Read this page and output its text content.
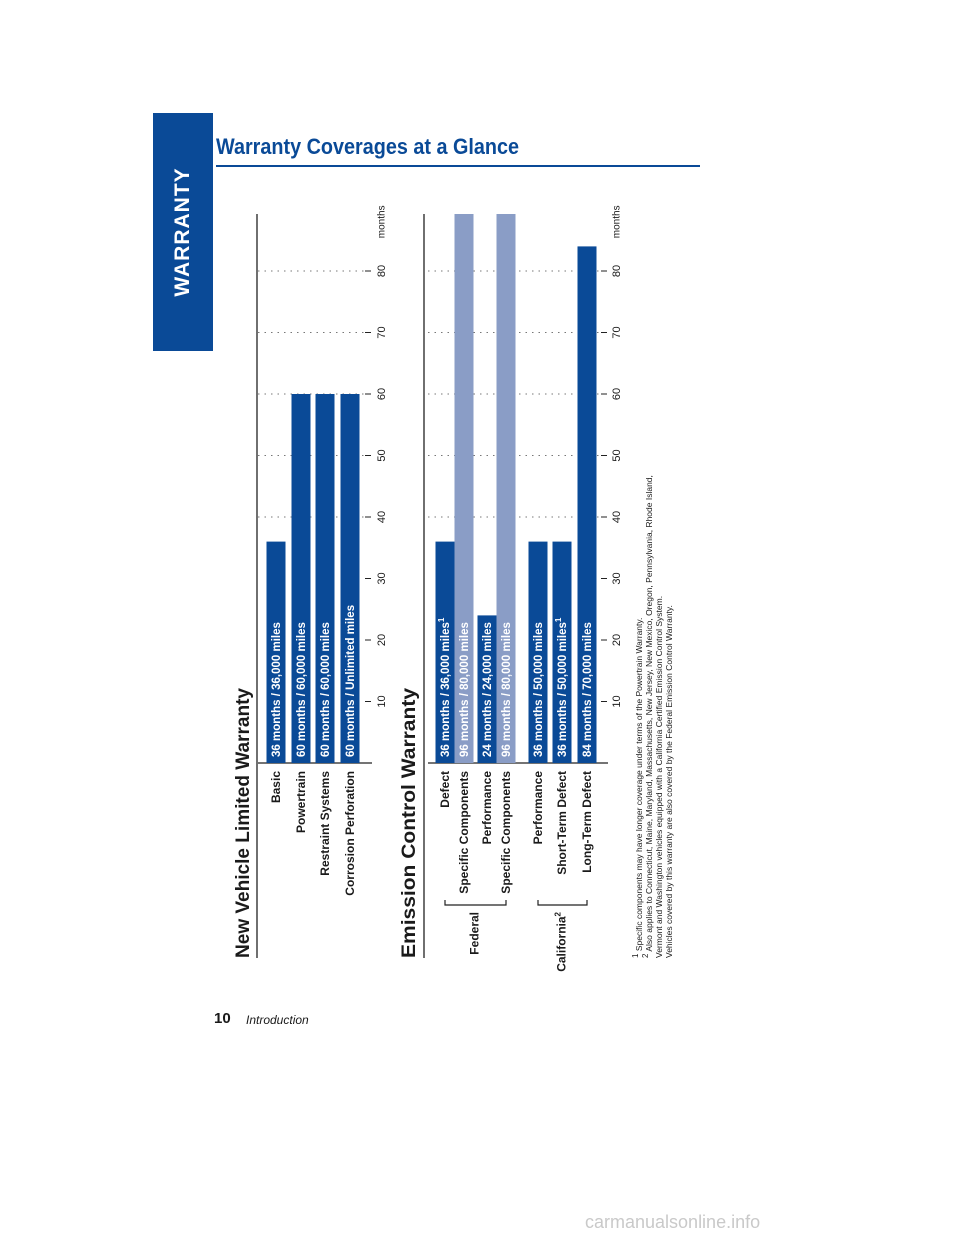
WARRANTY
Warranty Coverages at a Glance
New Vehicle Limited Warranty	10
20
30
40
50
60
70
80
months
36 months / 36,000 miles
Basic
60 months / 60,000 miles
Powertrain
60 months / 60,000 miles
Restraint Systems
60 months / Unlimited miles
Corrosion Perforation Emission Control Warranty
10
20
30
40
50
60
70
80
months
36 months / 36,000 miles$^1$
Defect
96 months / 80,000 miles
Specific Components
24 months / 24,000 miles
Performance
96 months / 80,000 miles
Specific Components
36 months / 50,000 miles
Performance
36 months / 50,000 miles$^1$
Short-Term Defect
84 months / 70,000 miles
Long-Term Defect
Federal	California$^2$
$^1$ Specific components may have longer coverage under terms of the Powertrain Warranty.
$^2$ Also applies to Connecticut, Maine, Maryland, Massachusetts, New Jersey, New Mexico, Oregon, Pennsylvania, Rhode Island, Vermont and Washington vehicles equipped with a California Certified Emission Control System. Vehicles covered by this warranty are also covered by the Federal Emission Control Warranty.
10 Introduction
carmanualsonline.info
